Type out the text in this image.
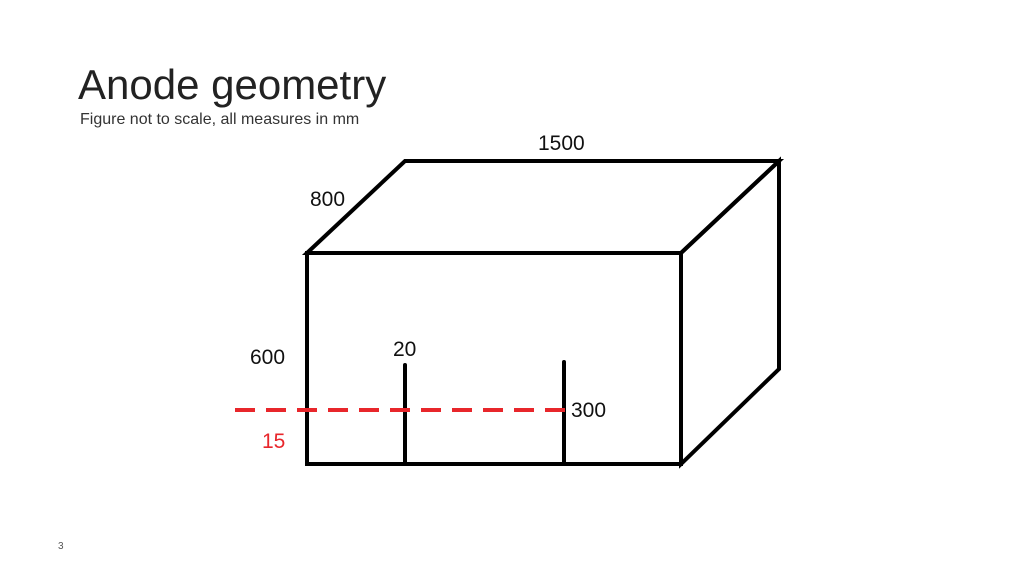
Anode geometry
Figure not to scale, all measures in mm
1500
800
600	20
300
15
3
